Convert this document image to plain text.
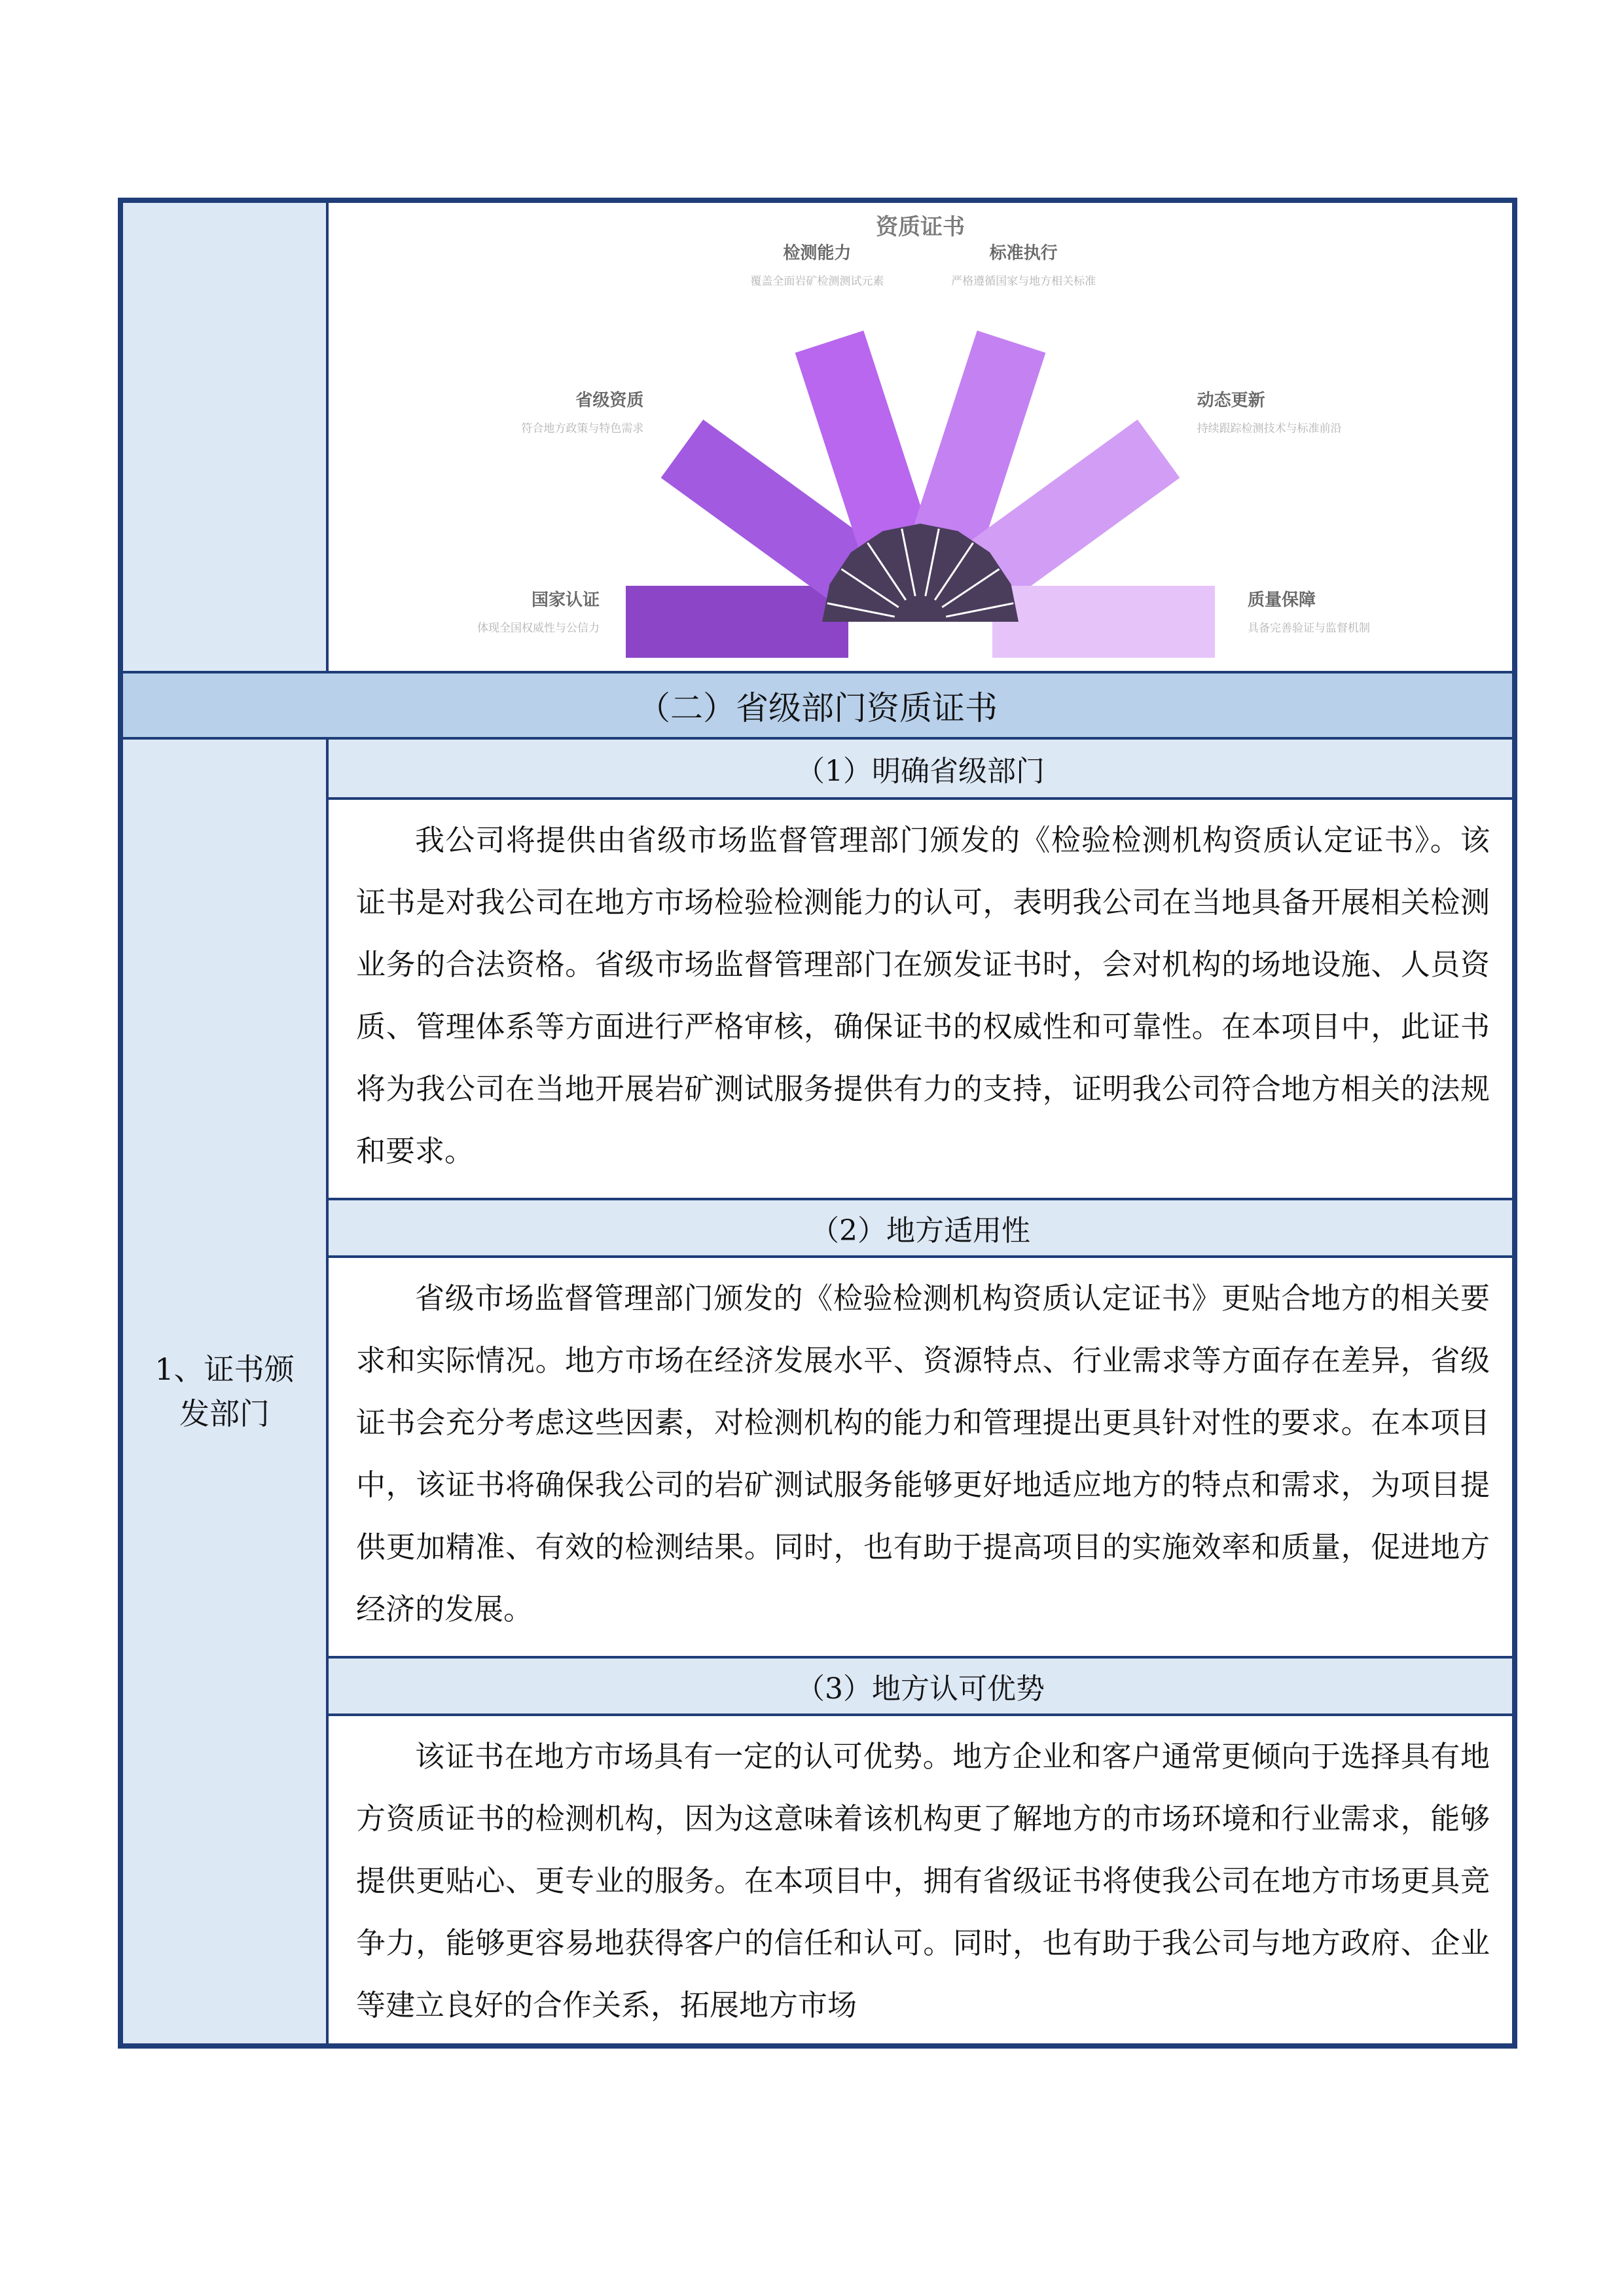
资质证书
国家认证
体现全国权威性与公信力
省级资质
符合地方政策与特色需求
检测能力
覆盖全面岩矿检测测试元素
标准执行
严格遵循国家与地方相关标准
动态更新
持续跟踪检测技术与标准前沿
质量保障
具备完善验证与监督机制
（二）省级部门资质证书
1、证书颁发部门
（1）明确省级部门
我公司将提供由省级市场监督管理部门颁发的《检验检测机构资质认定证书》。该证书是对我公司在地方市场检验检测能力的认可，表明我公司在当地具备开展相关检测业务的合法资格。省级市场监督管理部门在颁发证书时，会对机构的场地设施、人员资质、管理体系等方面进行严格审核，确保证书的权威性和可靠性。在本项目中，此证书将为我公司在当地开展岩矿测试服务提供有力的支持，证明我公司符合地方相关的法规和要求。
（2）地方适用性
省级市场监督管理部门颁发的《检验检测机构资质认定证书》更贴合地方的相关要求和实际情况。地方市场在经济发展水平、资源特点、行业需求等方面存在差异，省级证书会充分考虑这些因素，对检测机构的能力和管理提出更具针对性的要求。在本项目中，该证书将确保我公司的岩矿测试服务能够更好地适应地方的特点和需求，为项目提供更加精准、有效的检测结果。同时，也有助于提高项目的实施效率和质量，促进地方经济的发展。
（3）地方认可优势
该证书在地方市场具有一定的认可优势。地方企业和客户通常更倾向于选择具有地方资质证书的检测机构，因为这意味着该机构更了解地方的市场环境和行业需求，能够提供更贴心、更专业的服务。在本项目中，拥有省级证书将使我公司在地方市场更具竞争力，能够更容易地获得客户的信任和认可。同时，也有助于我公司与地方政府、企业等建立良好的合作关系，拓展地方市场
